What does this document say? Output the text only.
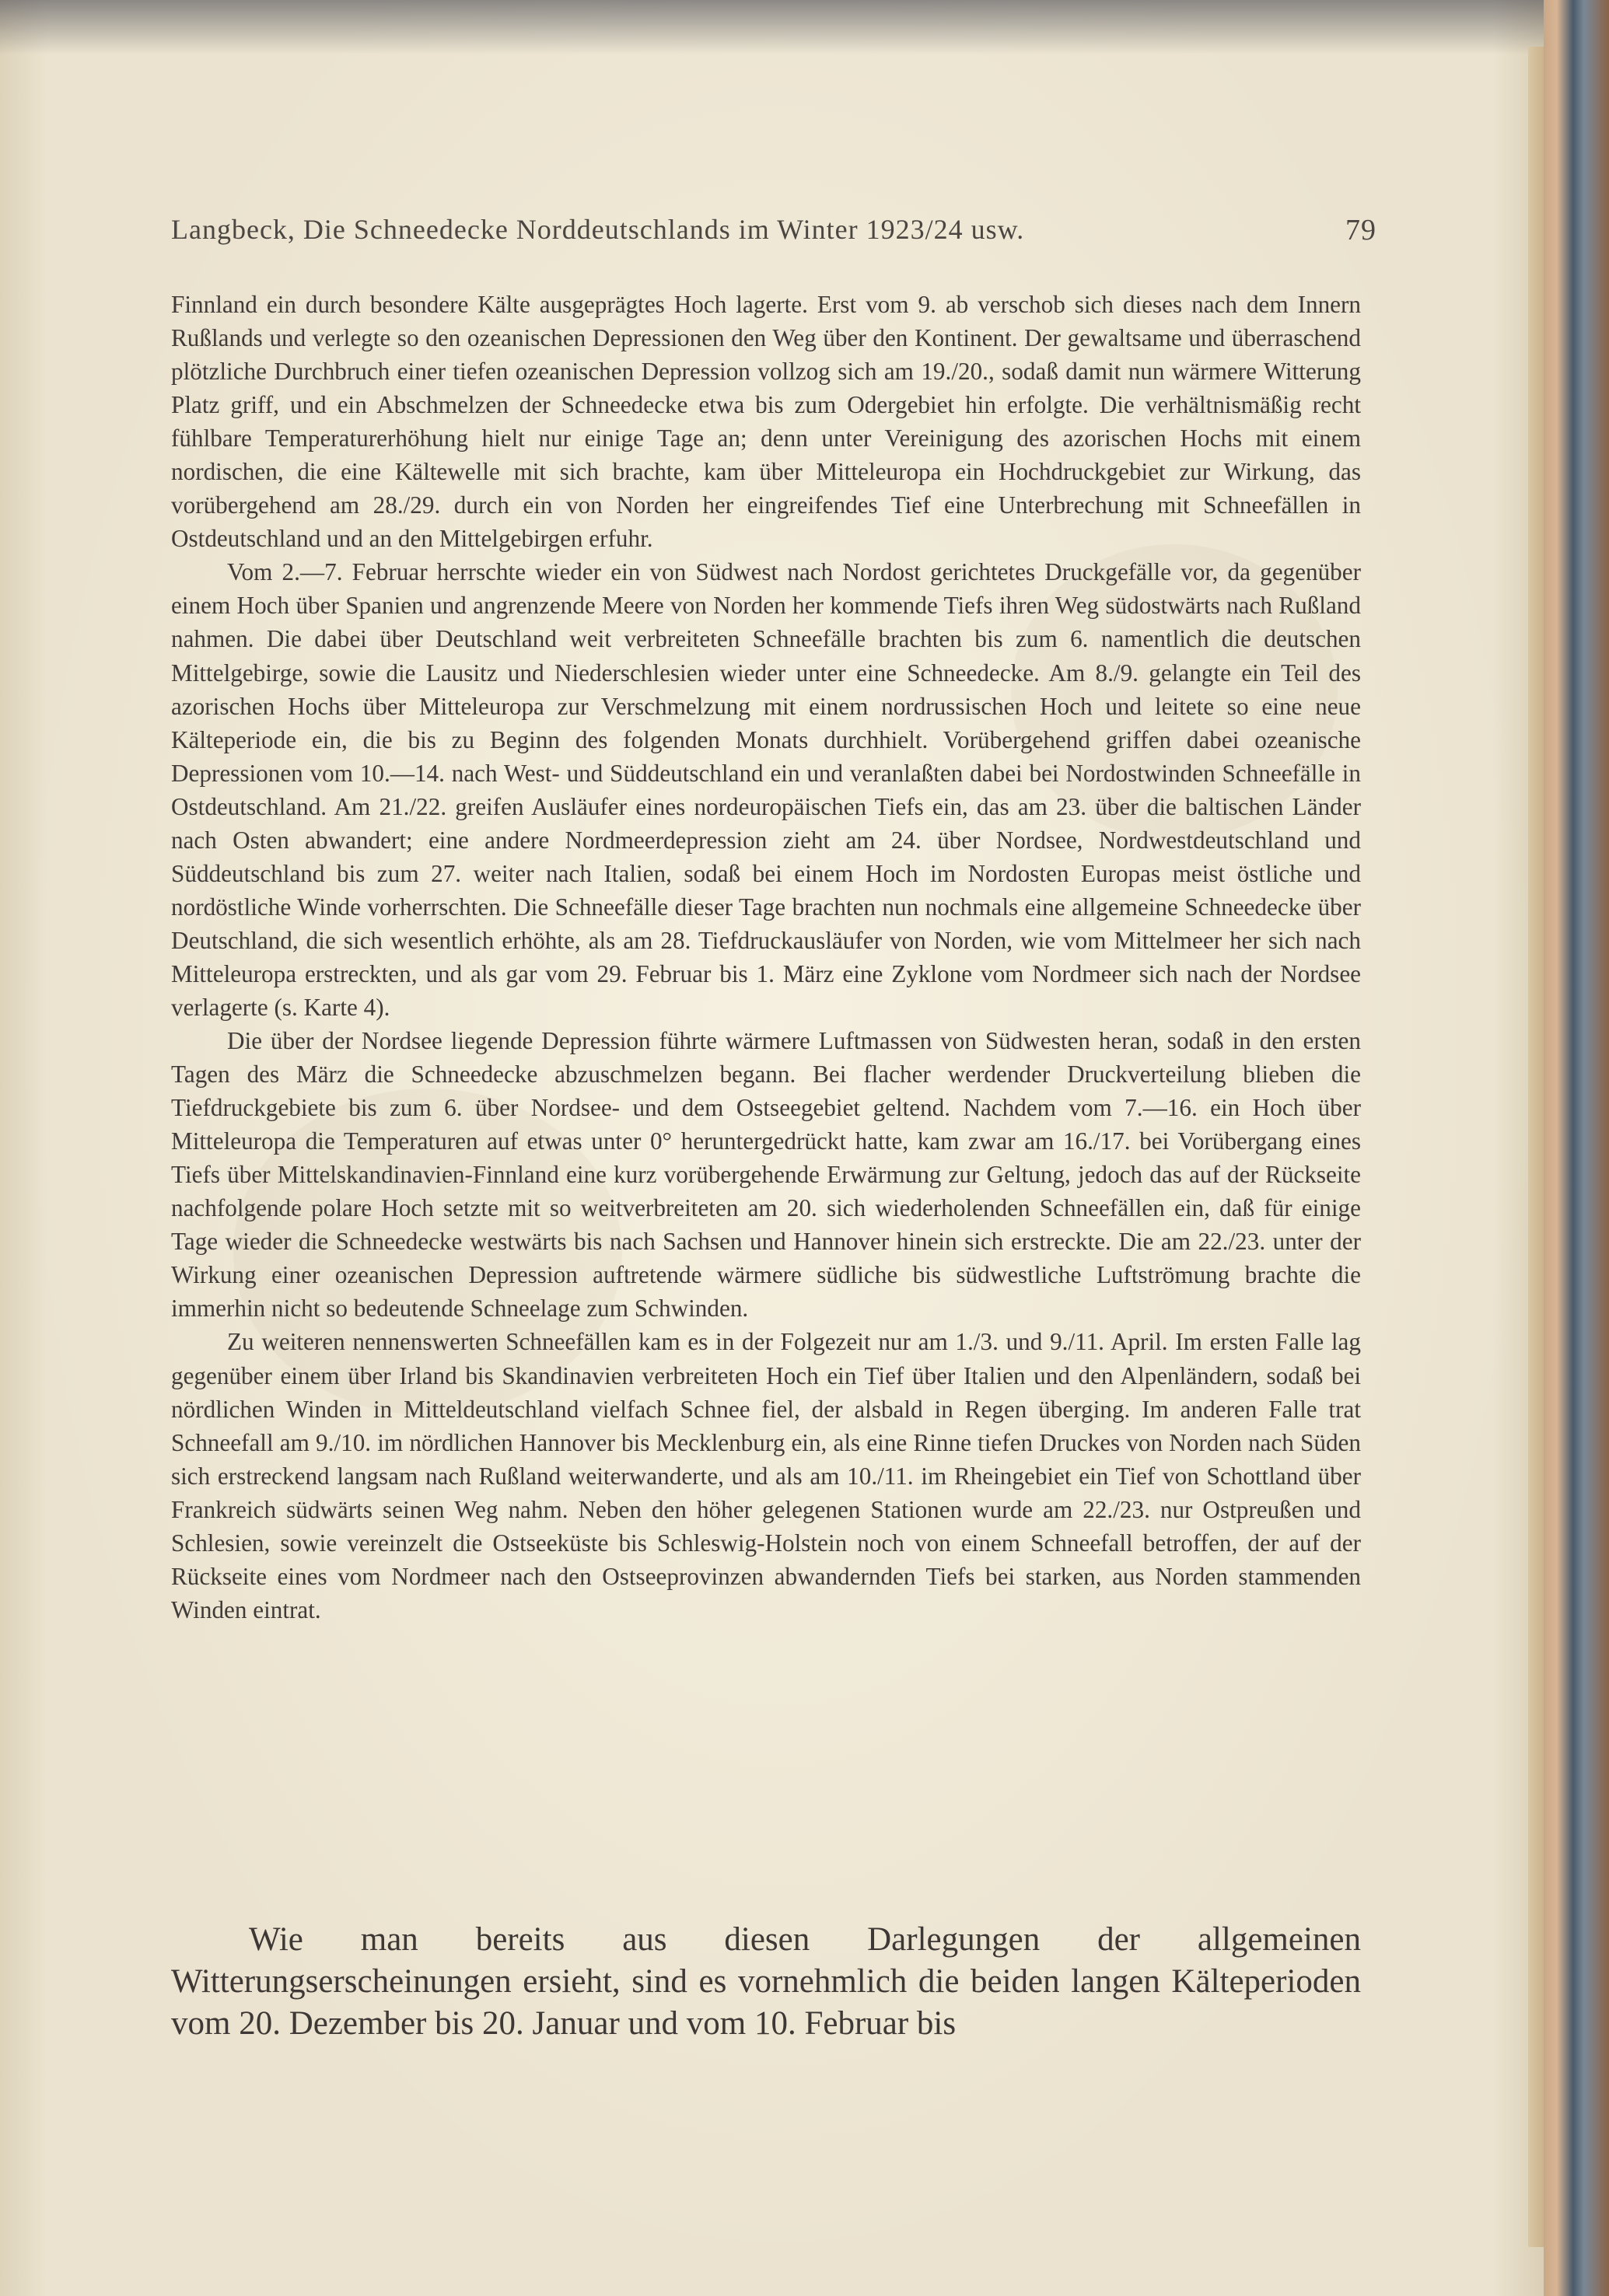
Langbeck, Die Schneedecke Norddeutschlands im Winter 1923/24 usw.	79

Finnland ein durch besondere Kälte ausgeprägtes Hoch lagerte. Erst vom 9. ab verschob sich dieses nach dem Innern Rußlands und verlegte so den ozeanischen Depressionen den Weg über den Kontinent. Der gewaltsame und überraschend plötzliche Durchbruch einer tiefen ozeanischen Depression vollzog sich am 19./20., sodaß damit nun wärmere Witterung Platz griff, und ein Abschmelzen der Schneedecke etwa bis zum Odergebiet hin erfolgte. Die verhältnismäßig recht fühlbare Temperaturerhöhung hielt nur einige Tage an; denn unter Vereinigung des azorischen Hochs mit einem nordischen, die eine Kältewelle mit sich brachte, kam über Mitteleuropa ein Hochdruckgebiet zur Wirkung, das vorübergehend am 28./29. durch ein von Norden her eingreifendes Tief eine Unterbrechung mit Schneefällen in Ostdeutschland und an den Mittelgebirgen erfuhr.

Vom 2.—7. Februar herrschte wieder ein von Südwest nach Nordost gerichtetes Druckgefälle vor, da gegenüber einem Hoch über Spanien und angrenzende Meere von Norden her kommende Tiefs ihren Weg südostwärts nach Rußland nahmen. Die dabei über Deutschland weit verbreiteten Schneefälle brachten bis zum 6. namentlich die deutschen Mittelgebirge, sowie die Lausitz und Niederschlesien wieder unter eine Schneedecke. Am 8./9. gelangte ein Teil des azorischen Hochs über Mitteleuropa zur Verschmelzung mit einem nordrussischen Hoch und leitete so eine neue Kälteperiode ein, die bis zu Beginn des folgenden Monats durchhielt. Vorübergehend griffen dabei ozeanische Depressionen vom 10.—14. nach West- und Süddeutschland ein und veranlaßten dabei bei Nordostwinden Schneefälle in Ostdeutschland. Am 21./22. greifen Ausläufer eines nordeuropäischen Tiefs ein, das am 23. über die baltischen Länder nach Osten abwandert; eine andere Nordmeerdepression zieht am 24. über Nordsee, Nordwestdeutschland und Süddeutschland bis zum 27. weiter nach Italien, sodaß bei einem Hoch im Nordosten Europas meist östliche und nordöstliche Winde vorherrschten. Die Schneefälle dieser Tage brachten nun nochmals eine allgemeine Schneedecke über Deutschland, die sich wesentlich erhöhte, als am 28. Tiefdruckausläufer von Norden, wie vom Mittelmeer her sich nach Mitteleuropa erstreckten, und als gar vom 29. Februar bis 1. März eine Zyklone vom Nordmeer sich nach der Nordsee verlagerte (s. Karte 4).

Die über der Nordsee liegende Depression führte wärmere Luftmassen von Südwesten heran, sodaß in den ersten Tagen des März die Schneedecke abzuschmelzen begann. Bei flacher werdender Druckverteilung blieben die Tiefdruckgebiete bis zum 6. über Nordsee- und dem Ostseegebiet geltend. Nachdem vom 7.—16. ein Hoch über Mitteleuropa die Temperaturen auf etwas unter 0° heruntergedrückt hatte, kam zwar am 16./17. bei Vorübergang eines Tiefs über Mittelskandinavien-Finnland eine kurz vorübergehende Erwärmung zur Geltung, jedoch das auf der Rückseite nachfolgende polare Hoch setzte mit so weitverbreiteten am 20. sich wiederholenden Schneefällen ein, daß für einige Tage wieder die Schneedecke westwärts bis nach Sachsen und Hannover hinein sich erstreckte. Die am 22./23. unter der Wirkung einer ozeanischen Depression auftretende wärmere südliche bis südwestliche Luftströmung brachte die immerhin nicht so bedeutende Schneelage zum Schwinden.

Zu weiteren nennenswerten Schneefällen kam es in der Folgezeit nur am 1./3. und 9./11. April. Im ersten Falle lag gegenüber einem über Irland bis Skandinavien verbreiteten Hoch ein Tief über Italien und den Alpenländern, sodaß bei nördlichen Winden in Mitteldeutschland vielfach Schnee fiel, der alsbald in Regen überging. Im anderen Falle trat Schneefall am 9./10. im nördlichen Hannover bis Mecklenburg ein, als eine Rinne tiefen Druckes von Norden nach Süden sich erstreckend langsam nach Rußland weiterwanderte, und als am 10./11. im Rheingebiet ein Tief von Schottland über Frankreich südwärts seinen Weg nahm. Neben den höher gelegenen Stationen wurde am 22./23. nur Ostpreußen und Schlesien, sowie vereinzelt die Ostseeküste bis Schleswig-Holstein noch von einem Schneefall betroffen, der auf der Rückseite eines vom Nordmeer nach den Ostseeprovinzen abwandernden Tiefs bei starken, aus Norden stammenden Winden eintrat.

Wie man bereits aus diesen Darlegungen der allgemeinen Witterungserscheinungen ersieht, sind es vornehmlich die beiden langen Kälteperioden vom 20. Dezember bis 20. Januar und vom 10. Februar bis
